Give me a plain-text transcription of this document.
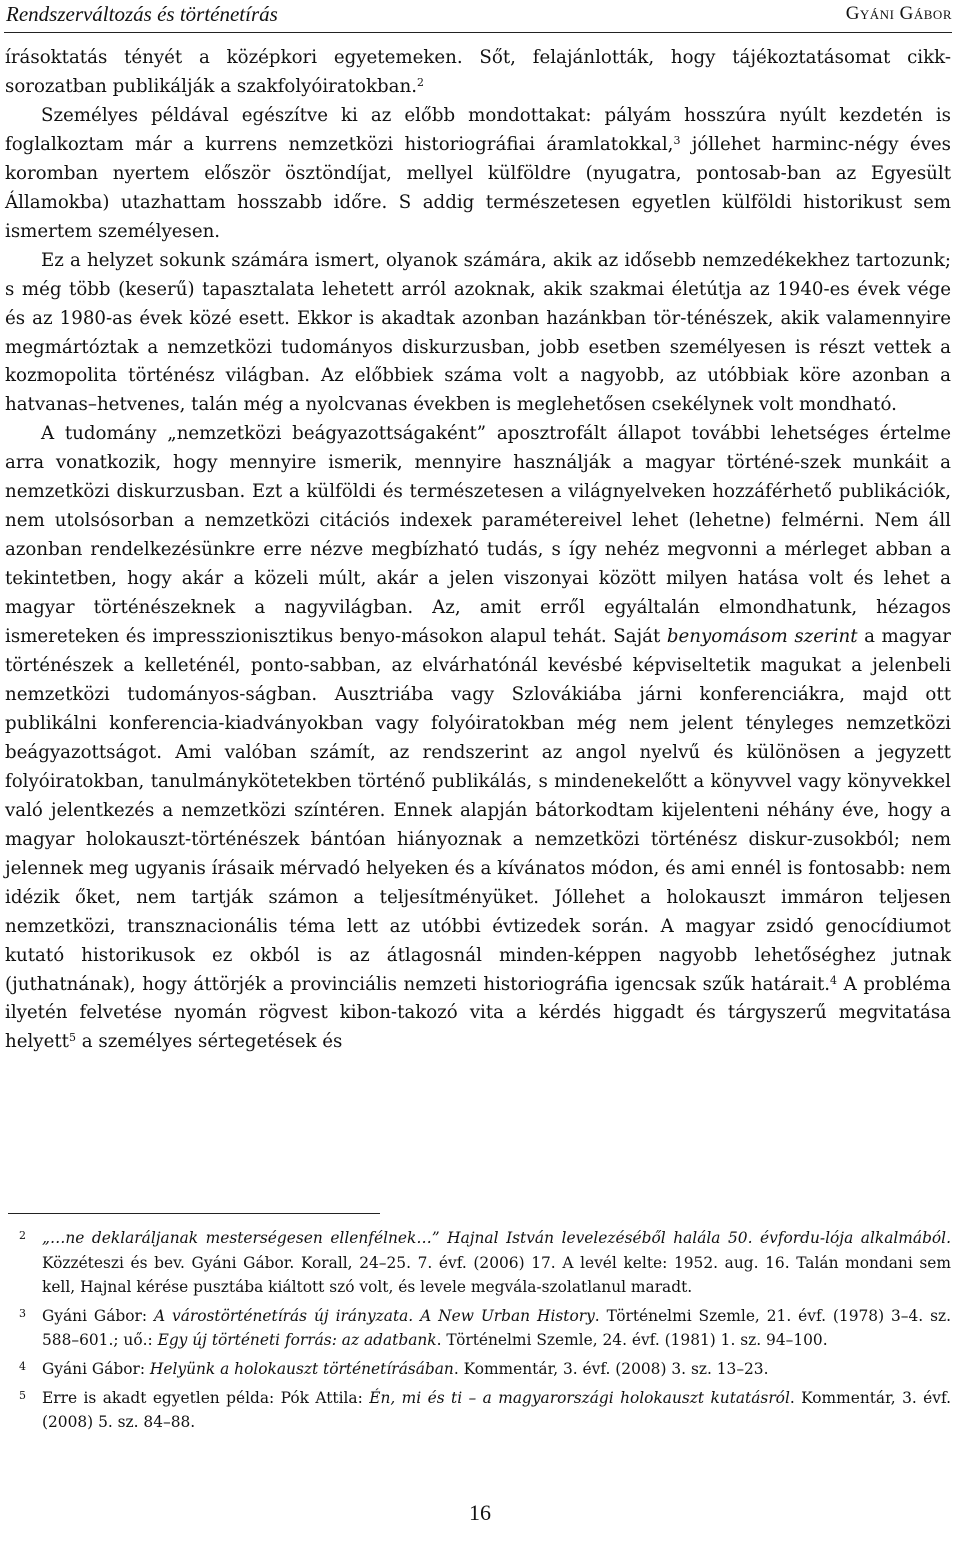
Rendszerváltozás és történetírás	Gyáni Gábor

írásoktatás tényét a középkori egyetemeken. Sőt, felajánlották, hogy tájékoztatásomat cikk-sorozatban publikálják a szakfolyóiratokban.$^2$

Személyes példával egészítve ki az előbb mondottakat: pályám hosszúra nyúlt kezdetén is foglalkoztam már a kurrens nemzetközi historiográfiai áramlatokkal,$^3$ jóllehet harminc-négy éves koromban nyertem először ösztöndíjat, mellyel külföldre (nyugatra, pontosab-ban az Egyesült Államokba) utazhattam hosszabb időre. S addig természetesen egyetlen külföldi historikust sem ismertem személyesen.

Ez a helyzet sokunk számára ismert, olyanok számára, akik az idősebb nemzedékekhez tartozunk; s még több (keserű) tapasztalata lehetett arról azoknak, akik szakmai életútja az 1940-es évek vége és az 1980-as évek közé esett. Ekkor is akadtak azonban hazánkban tör-ténészek, akik valamennyire megmártóztak a nemzetközi tudományos diskurzusban, jobb esetben személyesen is részt vettek a kozmopolita történész világban. Az előbbiek száma volt a nagyobb, az utóbbiak köre azonban a hatvanas–hetvenes, talán még a nyolcvanas években is meglehetősen csekélynek volt mondható.

A tudomány „nemzetközi beágyazottságaként” aposztrofált állapot további lehetséges értelme arra vonatkozik, hogy mennyire ismerik, mennyire használják a magyar történé-szek munkáit a nemzetközi diskurzusban. Ezt a külföldi és természetesen a világnyelveken hozzáférhető publikációk, nem utolsósorban a nemzetközi citációs indexek paramétereivel lehet (lehetne) felmérni. Nem áll azonban rendelkezésünkre erre nézve megbízható tudás, s így nehéz megvonni a mérleget abban a tekintetben, hogy akár a közeli múlt, akár a jelen viszonyai között milyen hatása volt és lehet a magyar történészeknek a nagyvilágban. Az, amit erről egyáltalán elmondhatunk, hézagos ismereteken és impresszionisztikus benyo-másokon alapul tehát. Saját benyomásom szerint a magyar történészek a kelleténél, ponto-sabban, az elvárhatónál kevésbé képviseltetik magukat a jelenbeli nemzetközi tudományos-ságban. Ausztriába vagy Szlovákiába járni konferenciákra, majd ott publikálni konferencia-kiadványokban vagy folyóiratokban még nem jelent tényleges nemzetközi beágyazottságot. Ami valóban számít, az rendszerint az angol nyelvű és különösen a jegyzett folyóiratokban, tanulmánykötetekben történő publikálás, s mindenekelőtt a könyvvel vagy könyvekkel való jelentkezés a nemzetközi színtéren. Ennek alapján bátorkodtam kijelenteni néhány éve, hogy a magyar holokauszt-történészek bántóan hiányoznak a nemzetközi történész diskur-zusokból; nem jelennek meg ugyanis írásaik mérvadó helyeken és a kívánatos módon, és ami ennél is fontosabb: nem idézik őket, nem tartják számon a teljesítményüket. Jóllehet a holokauszt immáron teljesen nemzetközi, transznacionális téma lett az utóbbi évtizedek során. A magyar zsidó genocídiumot kutató historikusok ez okból is az átlagosnál minden-képpen nagyobb lehetőséghez jutnak (juthatnának), hogy áttörjék a provinciális nemzeti historiográfia igencsak szűk határait.$^4$ A probléma ilyetén felvetése nyomán rögvest kibon-takozó vita a kérdés higgadt és tárgyszerű megvitatása helyett$^5$ a személyes sértegetések és

2 „…ne deklaráljanak mesterségesen ellenfélnek…” Hajnal István levelezéséből halála 50. évfordu-lója alkalmából. Közzéteszi és bev. Gyáni Gábor. Korall, 24–25. 7. évf. (2006) 17. A levél kelte: 1952. aug. 16. Talán mondani sem kell, Hajnal kérése pusztába kiáltott szó volt, és levele megvála-szolatlanul maradt.
3 Gyáni Gábor: A várostörténetírás új irányzata. A New Urban History. Történelmi Szemle, 21. évf. (1978) 3–4. sz. 588–601.; uő.: Egy új történeti forrás: az adatbank. Történelmi Szemle, 24. évf. (1981) 1. sz. 94–100.
4 Gyáni Gábor: Helyünk a holokauszt történetírásában. Kommentár, 3. évf. (2008) 3. sz. 13–23.
5 Erre is akadt egyetlen példa: Pók Attila: Én, mi és ti – a magyarországi holokauszt kutatásról. Kommentár, 3. évf. (2008) 5. sz. 84–88.
16
